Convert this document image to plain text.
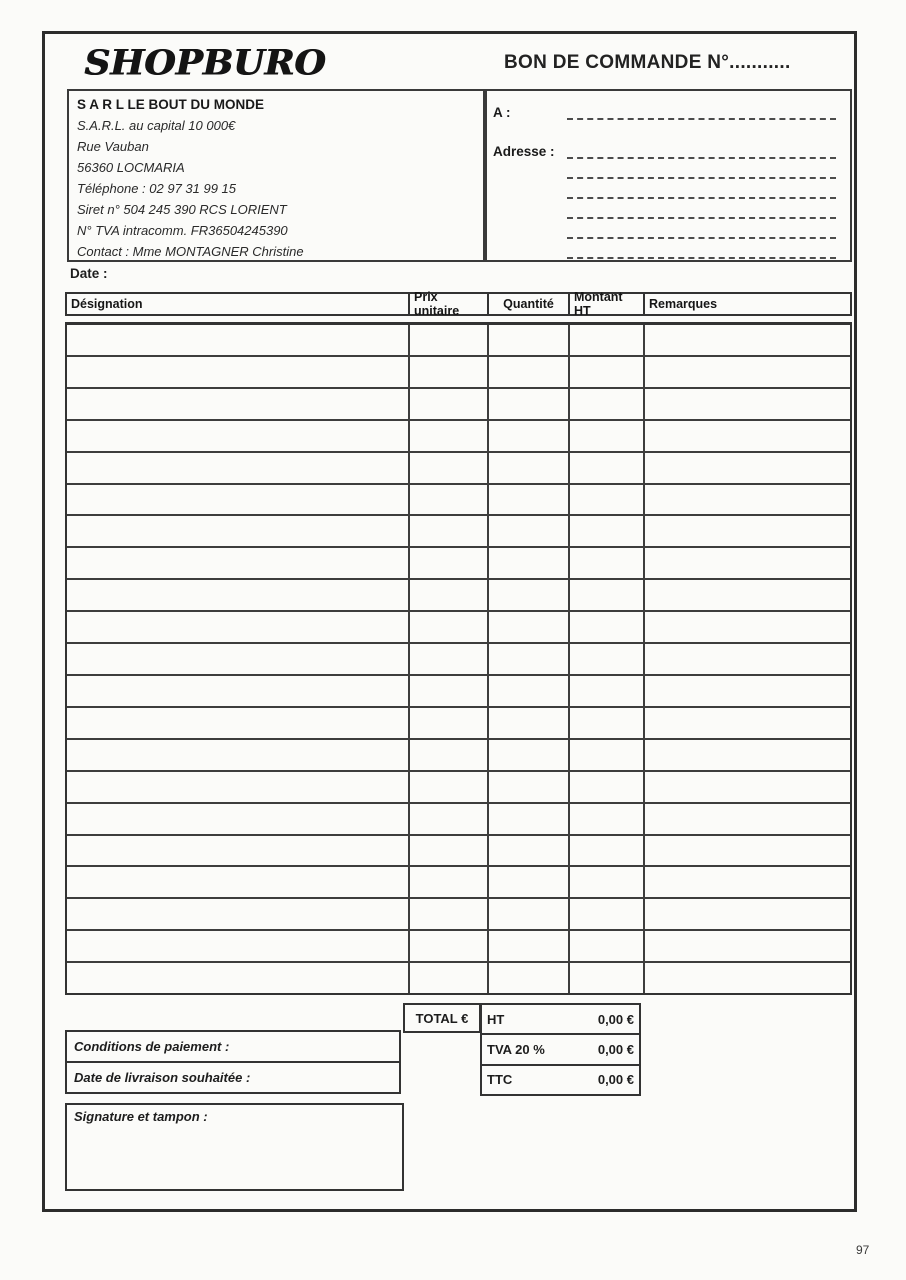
SHOPBURO	BON DE COMMANDE N°...........
S A R L LE BOUT DU MONDE
S.A.R.L. au capital 10 000€
Rue Vauban
56360 LOCMARIA
Téléphone : 02 97 31 99 15
Siret n° 504 245 390 RCS LORIENT
N° TVA intracomm. FR36504245390
Contact : Mme MONTAGNER Christine
A :
Adresse :
Date :
Désignation	Prix unitaire	Quantité	Montant HT	Remarques
TOTAL €	HT	0,00 €
TVA 20 %	0,00 €
TTC	0,00 €
Conditions de paiement :
Date de livraison souhaitée :
Signature et tampon :
97
